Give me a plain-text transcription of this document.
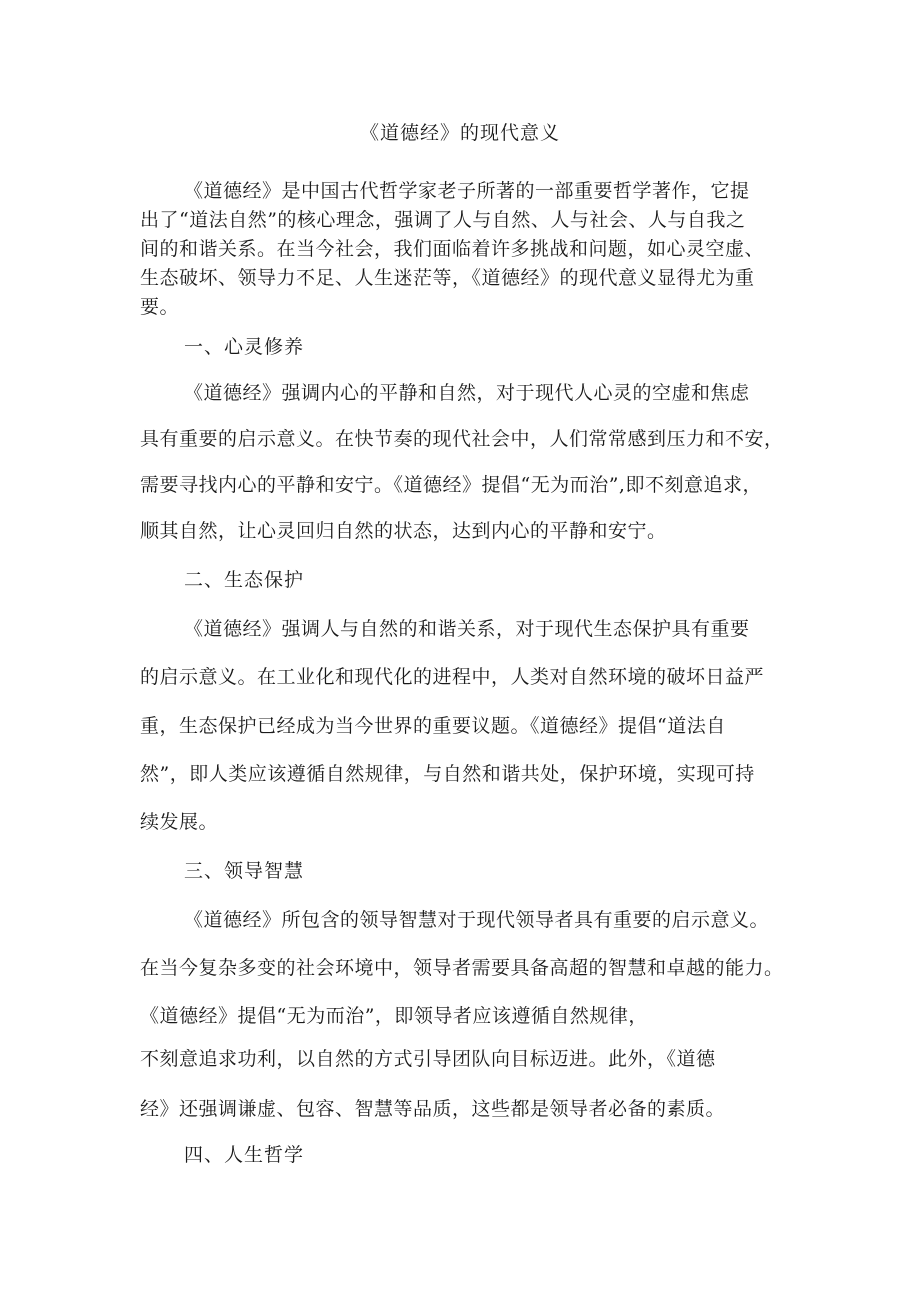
《道德经》的现代意义
《道德经》是中国古代哲学家老子所著的一部重要哲学著作，它提
出了“道法自然”的核心理念，强调了人与自然、人与社会、人与自我之
间的和谐关系。在当今社会，我们面临着许多挑战和问题，如心灵空虚、
生态破坏、领导力不足、人生迷茫等，《道德经》的现代意义显得尤为重
要。
一、心灵修养
《道德经》强调内心的平静和自然，对于现代人心灵的空虚和焦虑
具有重要的启示意义。在快节奏的现代社会中，人们常常感到压力和不安，
需要寻找内心的平静和安宁。《道德经》提倡“无为而治”,即不刻意追求，
顺其自然，让心灵回归自然的状态，达到内心的平静和安宁。
二、生态保护
《道德经》强调人与自然的和谐关系，对于现代生态保护具有重要
的启示意义。在工业化和现代化的进程中，人类对自然环境的破坏日益严
重，生态保护已经成为当今世界的重要议题。《道德经》提倡“道法自
然”，即人类应该遵循自然规律，与自然和谐共处，保护环境，实现可持
续发展。
三、领导智慧
《道德经》所包含的领导智慧对于现代领导者具有重要的启示意义。
在当今复杂多变的社会环境中，领导者需要具备高超的智慧和卓越的能力。
《道德经》提倡“无为而治”，即领导者应该遵循自然规律，
不刻意追求功利，以自然的方式引导团队向目标迈进。此外，《道德
经》还强调谦虚、包容、智慧等品质，这些都是领导者必备的素质。
四、人生哲学
